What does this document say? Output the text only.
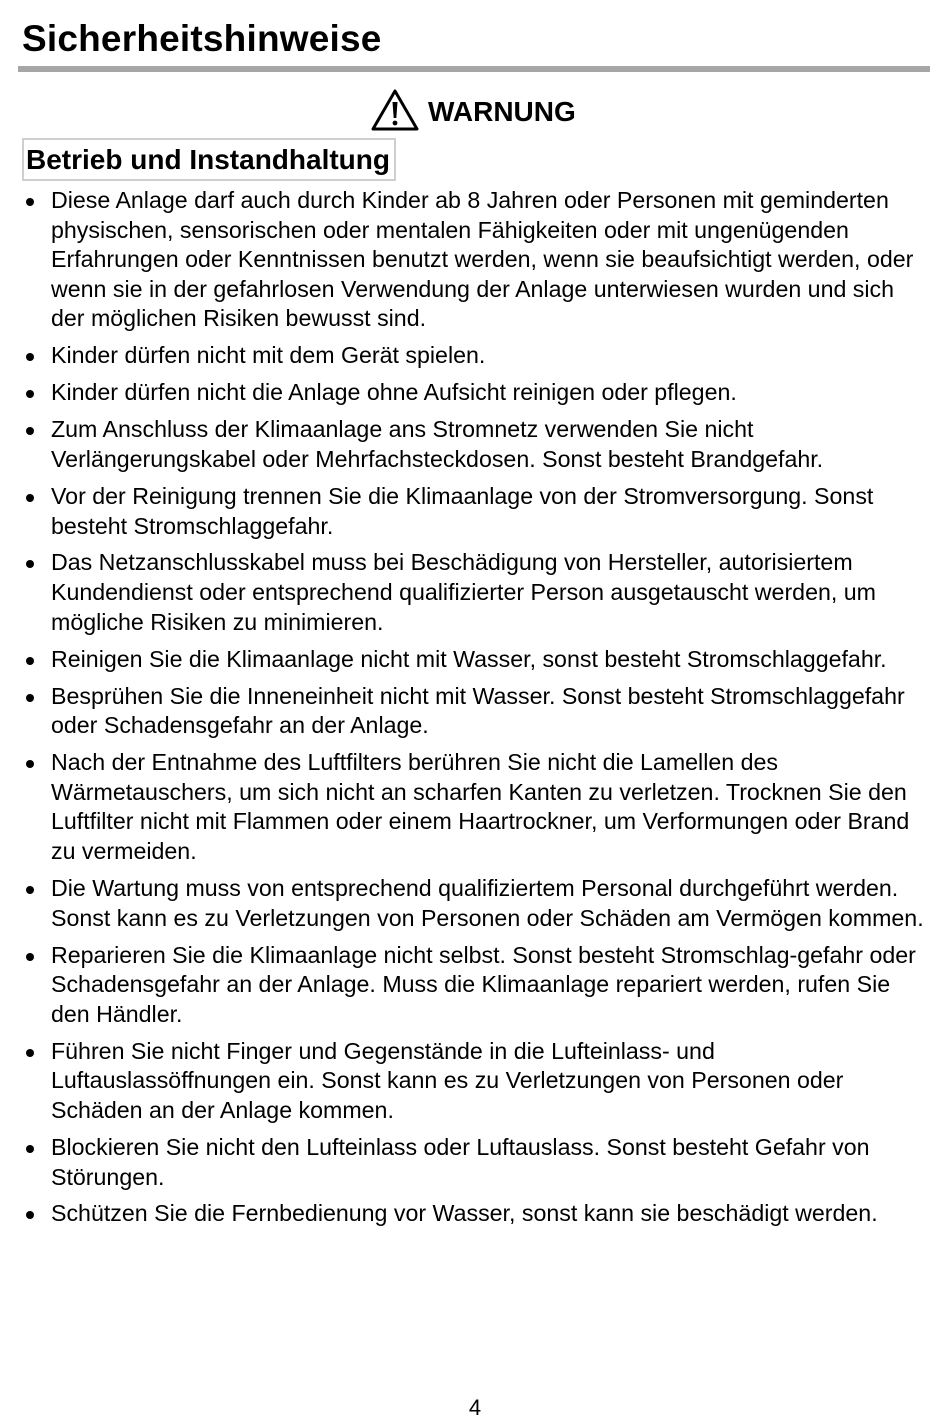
Sicherheitshinweise
WARNUNG
Betrieb und Instandhaltung
Diese Anlage darf auch durch Kinder ab 8 Jahren oder Personen mit geminderten physischen, sensorischen oder mentalen Fähigkeiten oder mit ungenügenden Erfahrungen oder Kenntnissen benutzt werden, wenn sie beaufsichtigt werden, oder wenn sie in der gefahrlosen Verwendung der Anlage unterwiesen wurden und sich der möglichen Risiken bewusst sind.
Kinder dürfen nicht mit dem Gerät spielen.
Kinder dürfen nicht die Anlage ohne Aufsicht reinigen oder pflegen.
Zum Anschluss der Klimaanlage ans Stromnetz verwenden Sie nicht Verlängerungskabel oder Mehrfachsteckdosen. Sonst besteht Brandgefahr.
Vor der Reinigung trennen Sie die Klimaanlage von der Stromversorgung. Sonst besteht Stromschlaggefahr.
Das Netzanschlusskabel muss bei Beschädigung von Hersteller, autorisiertem Kundendienst oder entsprechend qualifizierter Person ausgetauscht werden, um mögliche Risiken zu minimieren.
Reinigen Sie die Klimaanlage nicht mit Wasser, sonst besteht Stromschlaggefahr.
Besprühen Sie die Inneneinheit nicht mit Wasser. Sonst besteht Stromschlaggefahr oder Schadensgefahr an der Anlage.
Nach der Entnahme des Luftfilters berühren Sie nicht die Lamellen des Wärmetauschers, um sich nicht an scharfen Kanten zu verletzen. Trocknen Sie den Luftfilter nicht mit Flammen oder einem Haartrockner, um Verformungen oder Brand zu vermeiden.
Die Wartung muss von entsprechend qualifiziertem Personal durchgeführt werden. Sonst kann es zu Verletzungen von Personen oder Schäden am Vermögen kommen.
Reparieren Sie die Klimaanlage nicht selbst. Sonst besteht Stromschlag-gefahr oder Schadensgefahr an der Anlage. Muss die Klimaanlage repariert werden, rufen Sie den Händler.
Führen Sie nicht Finger und Gegenstände in die Lufteinlass- und Luftauslassöffnungen ein. Sonst kann es zu Verletzungen von Personen oder Schäden an der Anlage kommen.
Blockieren Sie nicht den Lufteinlass oder Luftauslass. Sonst besteht Gefahr von Störungen.
Schützen Sie die Fernbedienung vor Wasser, sonst kann sie beschädigt werden.
4
